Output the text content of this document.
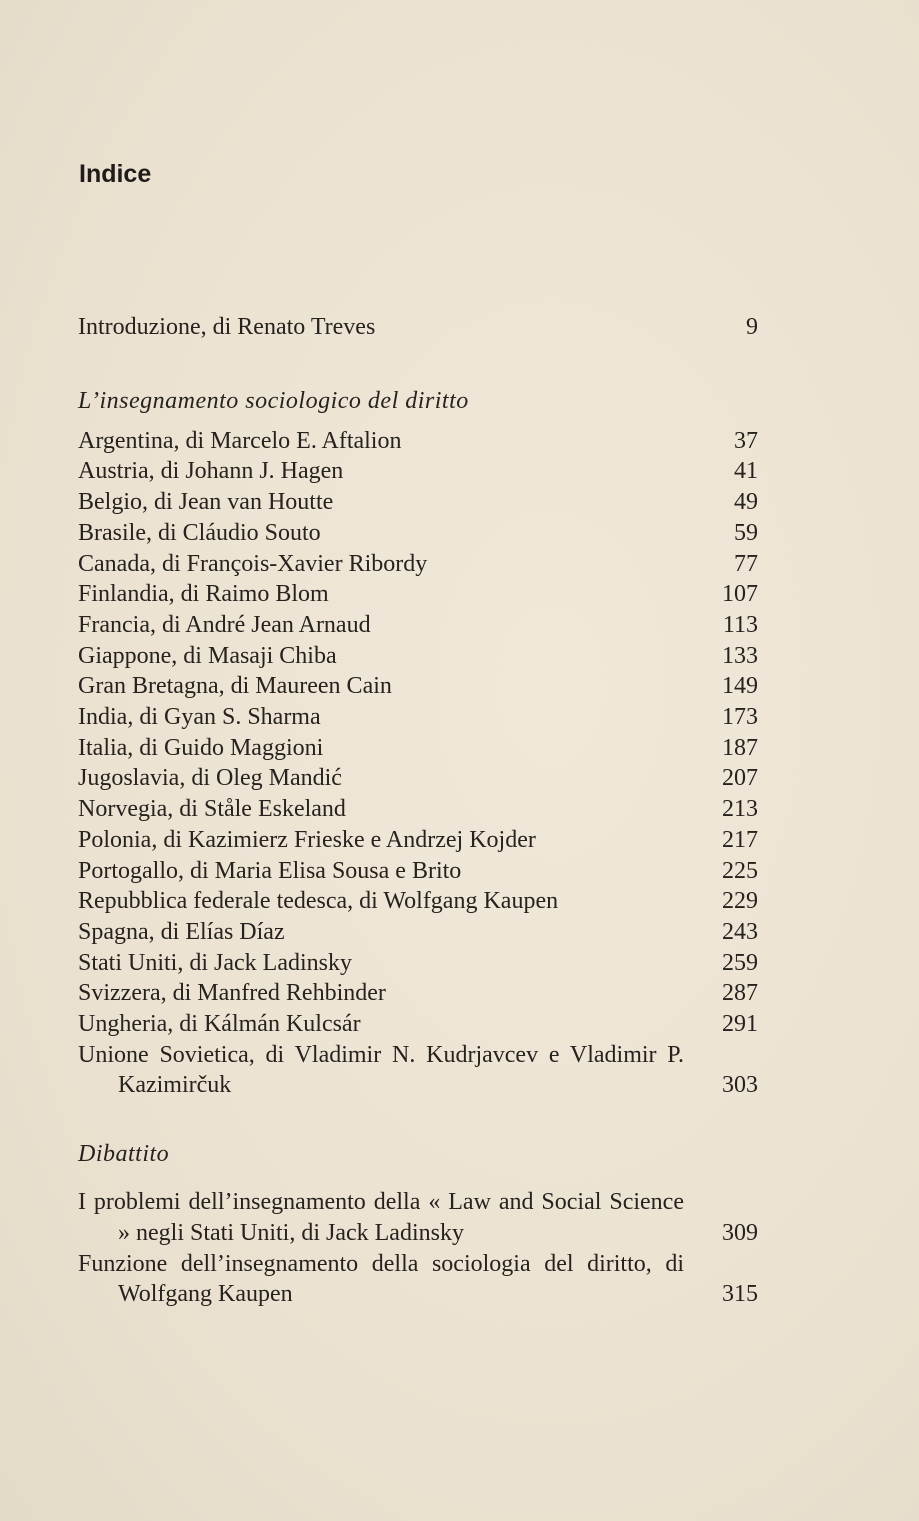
Indice
Introduzione, di Renato Treves	9
L’insegnamento sociologico del diritto
Argentina, di Marcelo E. Aftalion	37
Austria, di Johann J. Hagen	41
Belgio, di Jean van Houtte	49
Brasile, di Cláudio Souto	59
Canada, di François-Xavier Ribordy	77
Finlandia, di Raimo Blom	107
Francia, di André Jean Arnaud	113
Giappone, di Masaji Chiba	133
Gran Bretagna, di Maureen Cain	149
India, di Gyan S. Sharma	173
Italia, di Guido Maggioni	187
Jugoslavia, di Oleg Mandić	207
Norvegia, di Ståle Eskeland	213
Polonia, di Kazimierz Frieske e Andrzej Kojder	217
Portogallo, di Maria Elisa Sousa e Brito	225
Repubblica federale tedesca, di Wolfgang Kaupen	229
Spagna, di Elías Díaz	243
Stati Uniti, di Jack Ladinsky	259
Svizzera, di Manfred Rehbinder	287
Ungheria, di Kálmán Kulcsár	291
Unione Sovietica, di Vladimir N. Kudrjavcev e Vladimir P. Kazimirčuk	303
Dibattito
I problemi dell’insegnamento della « Law and Social Science » negli Stati Uniti, di Jack Ladinsky	309
Funzione dell’insegnamento della sociologia del diritto, di Wolfgang Kaupen	315
